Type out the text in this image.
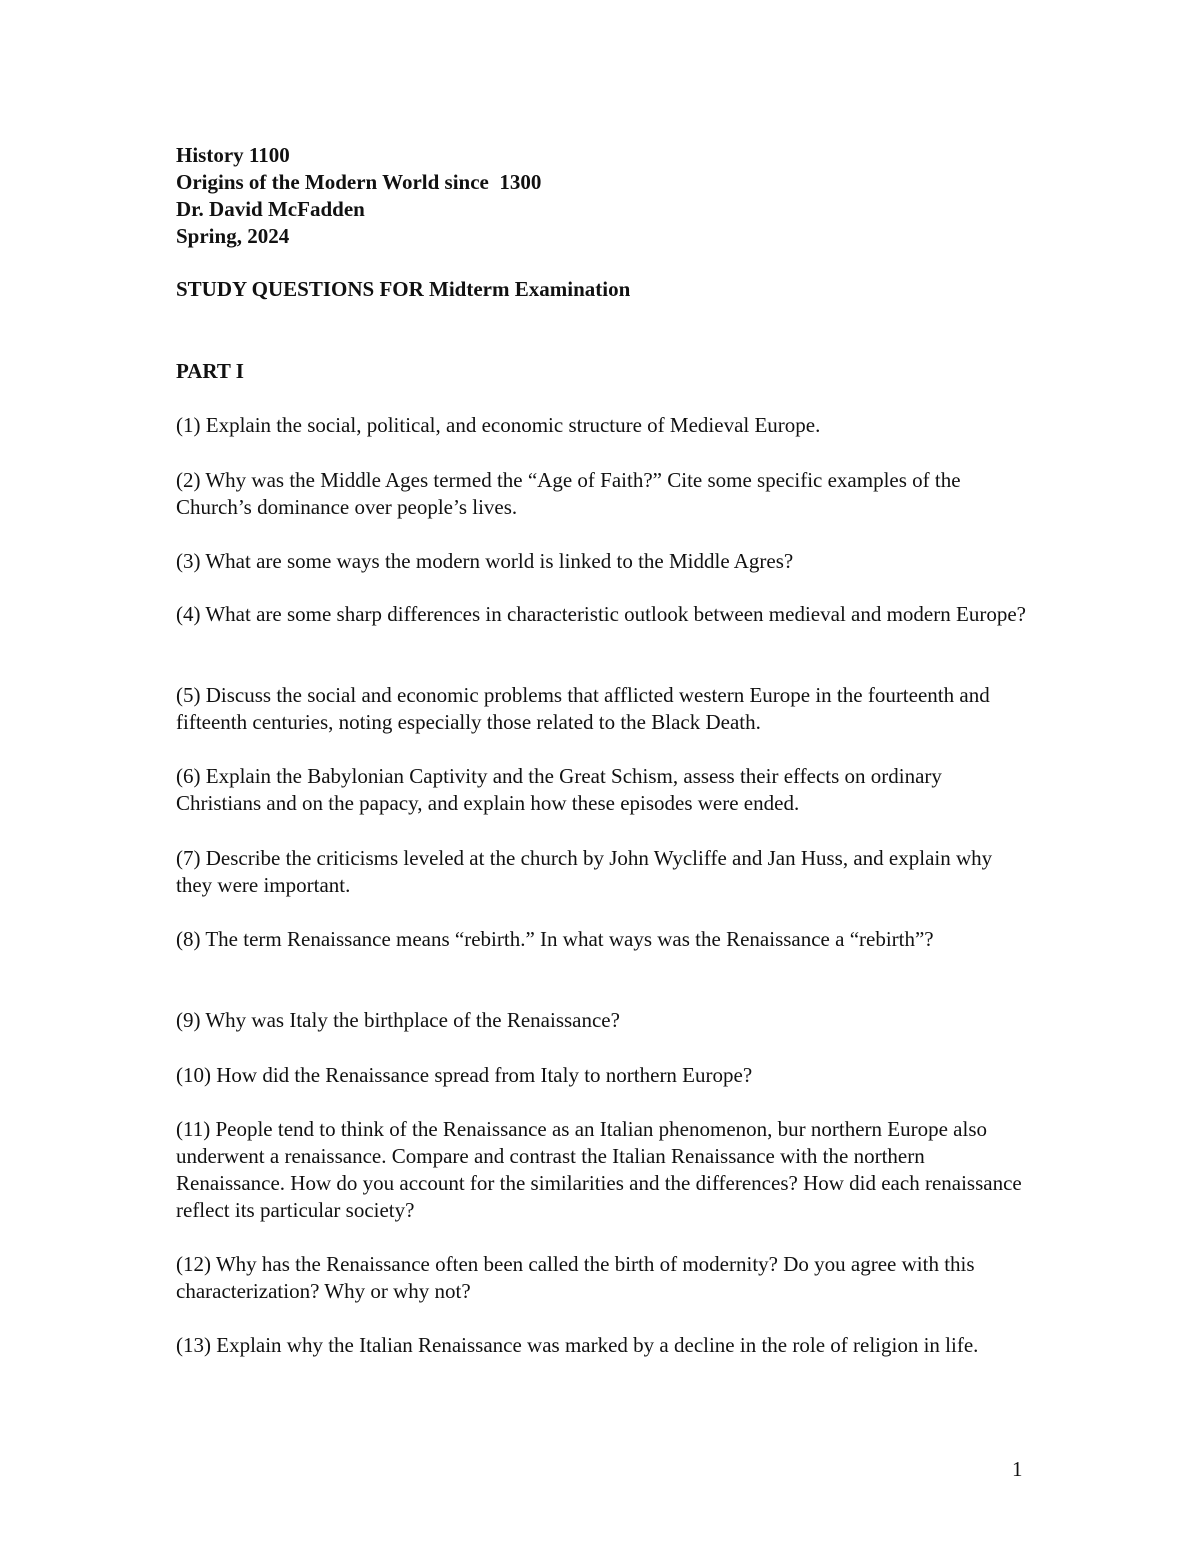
History 1100
Origins of the Modern World since  1300
Dr. David McFadden
Spring, 2024
STUDY QUESTIONS FOR Midterm Examination
PART I
(1) Explain the social, political, and economic structure of Medieval Europe.
(2) Why was the Middle Ages termed the “Age of Faith?” Cite some specific examples of the Church’s dominance over people’s lives.
(3) What are some ways the modern world is linked to the Middle Agres?
(4) What are some sharp differences in characteristic outlook between medieval and modern Europe?
(5) Discuss the social and economic problems that afflicted western Europe in the fourteenth and fifteenth centuries, noting especially those related to the Black Death.
(6) Explain the Babylonian Captivity and the Great Schism, assess their effects on ordinary Christians and on the papacy, and explain how these episodes were ended.
(7) Describe the criticisms leveled at the church by John Wycliffe and Jan Huss, and explain why they were important.
(8) The term Renaissance means “rebirth.” In what ways was the Renaissance a “rebirth”?
(9) Why was Italy the birthplace of the Renaissance?
(10) How did the Renaissance spread from Italy to northern Europe?
(11) People tend to think of the Renaissance as an Italian phenomenon, bur northern Europe also underwent a renaissance. Compare and contrast the Italian Renaissance with the northern Renaissance. How do you account for the similarities and the differences? How did each renaissance reflect its particular society?
(12) Why has the Renaissance often been called the birth of modernity? Do you agree with this characterization? Why or why not?
(13) Explain why the Italian Renaissance was marked by a decline in the role of religion in life.
1
